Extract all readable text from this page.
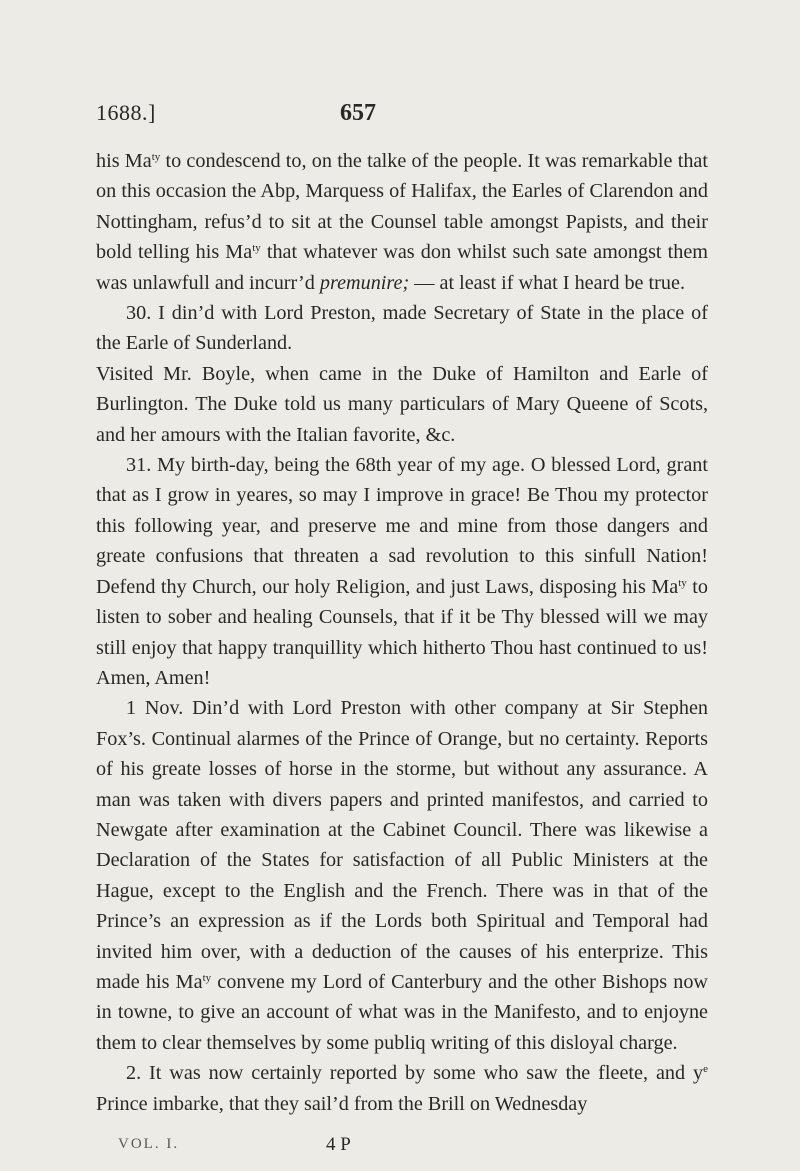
1688.]	657

his $Ma^{ty}$ to condescend to, on the talke of the people. It was remarkable that on this occasion the Abp, Marquess of Halifax, the Earles of Clarendon and Nottingham, refus’d to sit at the Counsel table amongst Papists, and their bold telling his $Ma^{ty}$ that whatever was don whilst such sate amongst them was unlawfull and incurr’d premunire; — at least if what I heard be true.

30. I din’d with Lord Preston, made Secretary of State in the place of the Earle of Sunderland.

Visited Mr. Boyle, when came in the Duke of Hamilton and Earle of Burlington. The Duke told us many particulars of Mary Queene of Scots, and her amours with the Italian favorite, &c.

31. My birth-day, being the 68th year of my age. O blessed Lord, grant that as I grow in yeares, so may I improve in grace! Be Thou my protector this following year, and preserve me and mine from those dangers and greate confusions that threaten a sad revolution to this sinfull Nation! Defend thy Church, our holy Religion, and just Laws, disposing his $Ma^{ty}$ to listen to sober and healing Counsels, that if it be Thy blessed will we may still enjoy that happy tranquillity which hitherto Thou hast continued to us! Amen, Amen!

1 Nov. Din’d with Lord Preston with other company at Sir Stephen Fox’s. Continual alarmes of the Prince of Orange, but no certainty. Reports of his greate losses of horse in the storme, but without any assurance. A man was taken with divers papers and printed manifestos, and carried to Newgate after examination at the Cabinet Council. There was likewise a Declaration of the States for satisfaction of all Public Ministers at the Hague, except to the English and the French. There was in that of the Prince’s an expression as if the Lords both Spiritual and Temporal had invited him over, with a deduction of the causes of his enterprize. This made his $Ma^{ty}$ convene my Lord of Canterbury and the other Bishops now in towne, to give an account of what was in the Manifesto, and to enjoyne them to clear themselves by some publiq writing of this disloyal charge.

2. It was now certainly reported by some who saw the fleete, and $y^e$ Prince imbarke, that they sail’d from the Brill on Wednesday

VOL. I.	4 P
